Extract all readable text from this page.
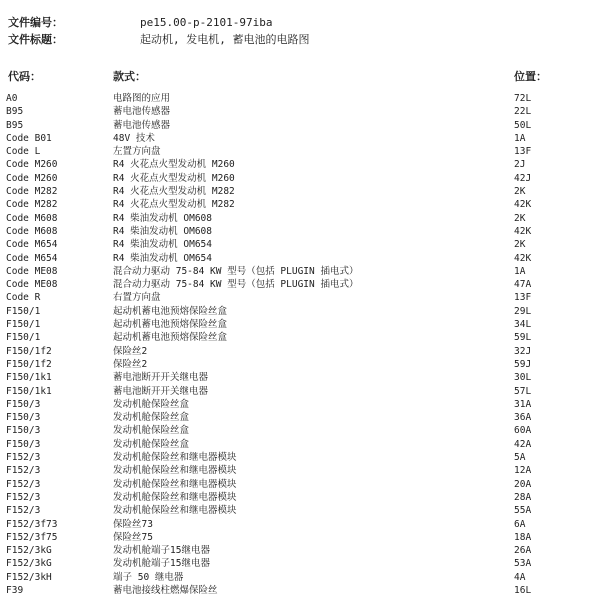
文件编号：	pe15.00-p-2101-97iba
文件标题：	起动机, 发电机, 蓄电池的电路图
代码：	款式：	位置：
A0	电路图的应用	72L
B95	蓄电池传感器	22L
B95	蓄电池传感器	50L
Code B01	48V 技术	1A
Code L	左置方向盘	13F
Code M260	R4 火花点火型发动机 M260	2J
Code M260	R4 火花点火型发动机 M260	42J
Code M282	R4 火花点火型发动机 M282	2K
Code M282	R4 火花点火型发动机 M282	42K
Code M608	R4 柴油发动机 OM608	2K
Code M608	R4 柴油发动机 OM608	42K
Code M654	R4 柴油发动机 OM654	2K
Code M654	R4 柴油发动机 OM654	42K
Code ME08	混合动力驱动 75-84 KW 型号（包括 PLUGIN 插电式）	1A
Code ME08	混合动力驱动 75-84 KW 型号（包括 PLUGIN 插电式）	47A
Code R	右置方向盘	13F
F150/1	起动机蓄电池预熔保险丝盒	29L
F150/1	起动机蓄电池预熔保险丝盒	34L
F150/1	起动机蓄电池预熔保险丝盒	59L
F150/1f2	保险丝2	32J
F150/1f2	保险丝2	59J
F150/1k1	蓄电池断开开关继电器	30L
F150/1k1	蓄电池断开开关继电器	57L
F150/3	发动机舱保险丝盒	31A
F150/3	发动机舱保险丝盒	36A
F150/3	发动机舱保险丝盒	60A
F150/3	发动机舱保险丝盒	42A
F152/3	发动机舱保险丝和继电器模块	5A
F152/3	发动机舱保险丝和继电器模块	12A
F152/3	发动机舱保险丝和继电器模块	20A
F152/3	发动机舱保险丝和继电器模块	28A
F152/3	发动机舱保险丝和继电器模块	55A
F152/3f73	保险丝73	6A
F152/3f75	保险丝75	18A
F152/3kG	发动机舱端子15继电器	26A
F152/3kG	发动机舱端子15继电器	53A
F152/3kH	端子 50 继电器	4A
F39	蓄电池接线柱燃爆保险丝	16L
